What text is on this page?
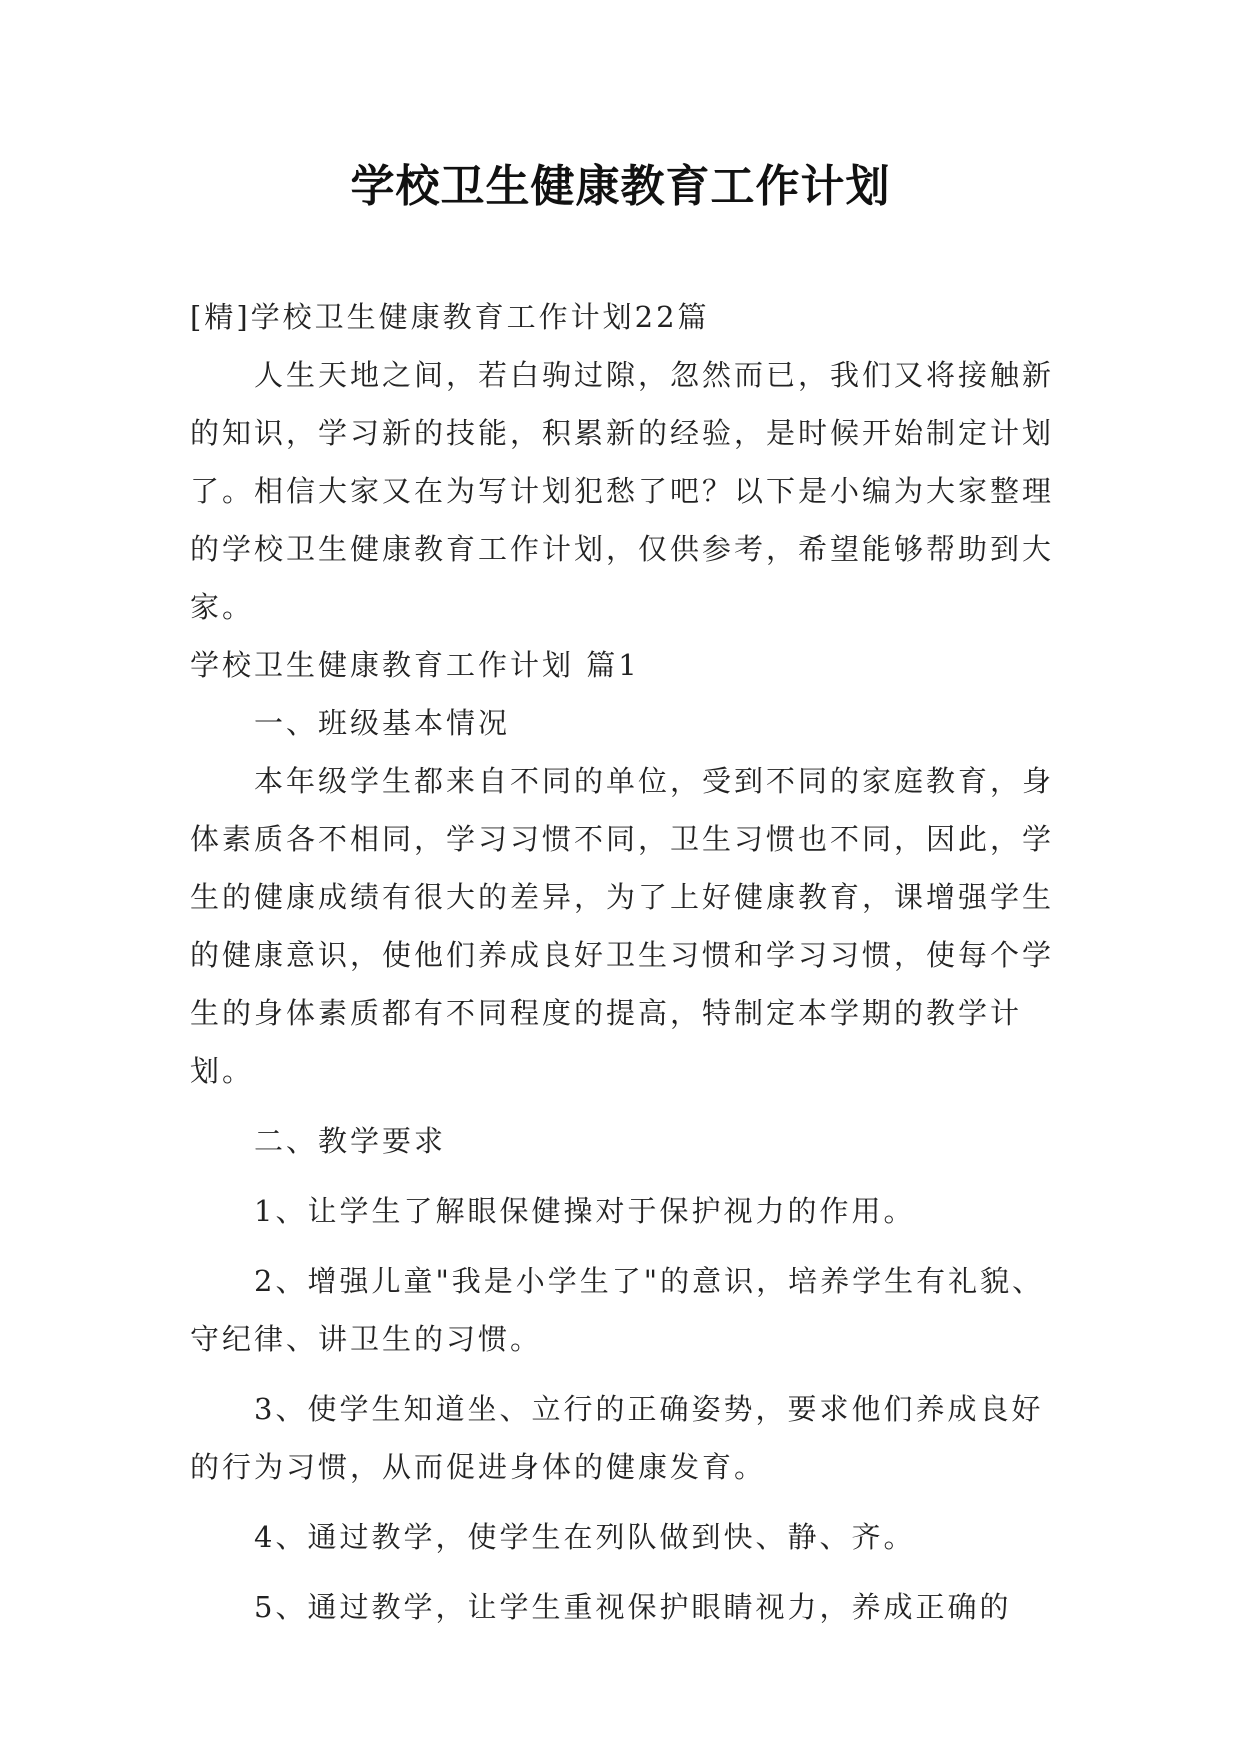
学校卫生健康教育工作计划

[精]学校卫生健康教育工作计划22篇

人生天地之间，若白驹过隙，忽然而已，我们又将接触新的知识，学习新的技能，积累新的经验，是时候开始制定计划了。相信大家又在为写计划犯愁了吧？以下是小编为大家整理的学校卫生健康教育工作计划，仅供参考，希望能够帮助到大家。

学校卫生健康教育工作计划 篇1

一、班级基本情况

本年级学生都来自不同的单位，受到不同的家庭教育，身体素质各不相同，学习习惯不同，卫生习惯也不同，因此，学生的健康成绩有很大的差异，为了上好健康教育，课增强学生的健康意识，使他们养成良好卫生习惯和学习习惯，使每个学生的身体素质都有不同程度的提高，特制定本学期的教学计划。

二、教学要求

1、让学生了解眼保健操对于保护视力的作用。

2、增强儿童"我是小学生了"的意识，培养学生有礼貌、守纪律、讲卫生的习惯。

3、使学生知道坐、立行的正确姿势，要求他们养成良好的行为习惯，从而促进身体的健康发育。

4、通过教学，使学生在列队做到快、静、齐。

5、通过教学，让学生重视保护眼睛视力，养成正确的
